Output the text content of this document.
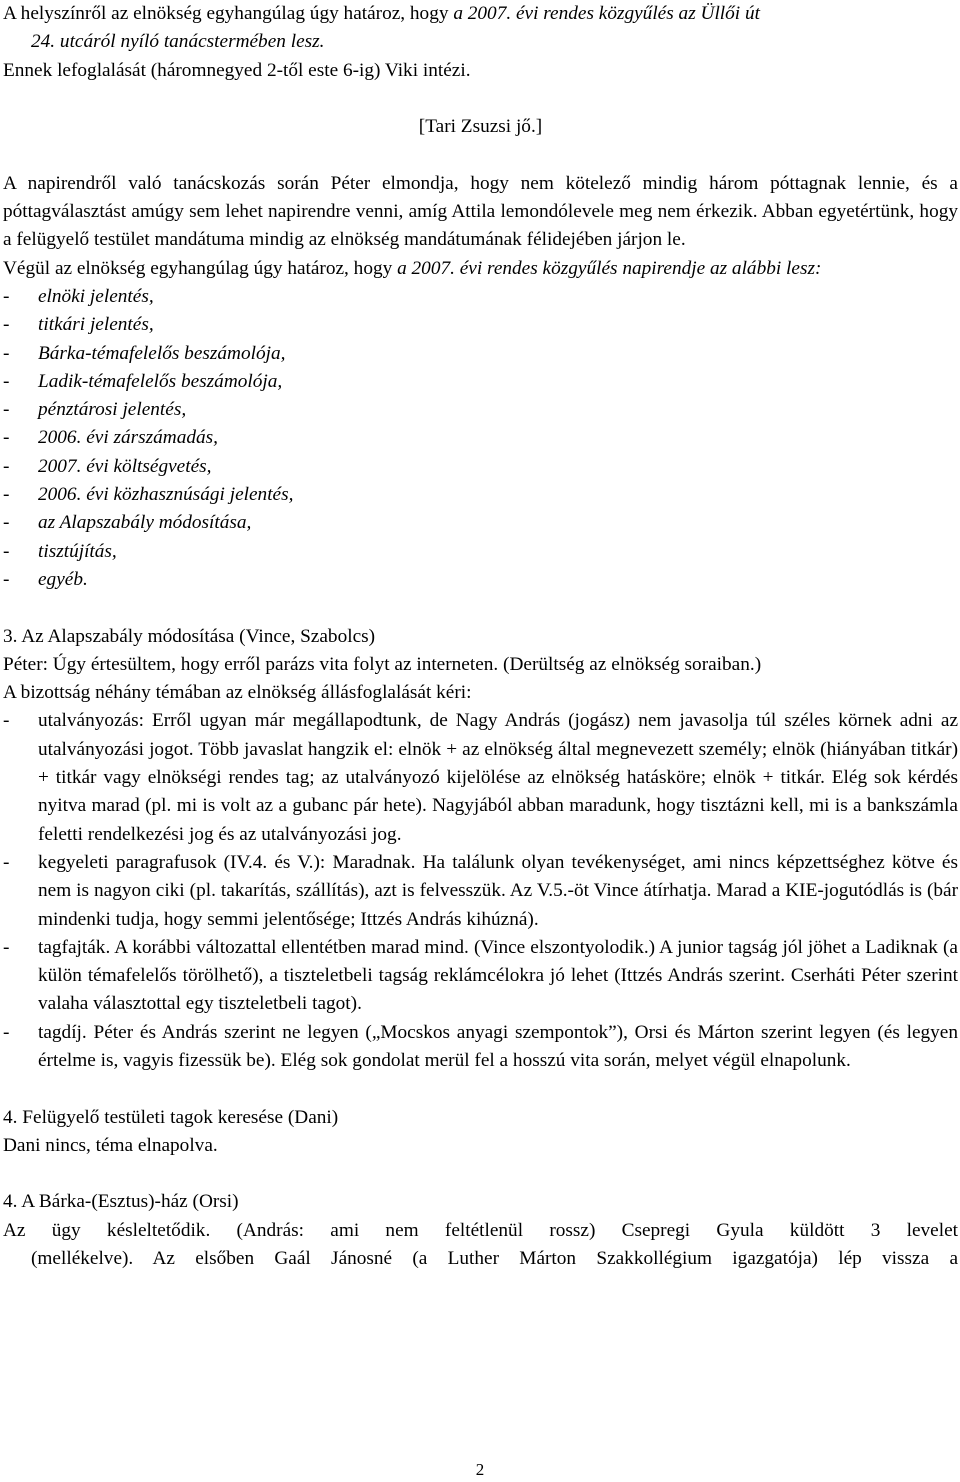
A helyszínről az elnökség egyhangúlag úgy határoz, hogy a 2007. évi rendes közgyűlés az Üllői út
24. utcáról nyíló tanácstermében lesz.
Ennek lefoglalását (háromnegyed 2-től este 6-ig) Viki intézi.
[Tari Zsuzsi jő.]
A napirendről való tanácskozás során Péter elmondja, hogy nem kötelező mindig három póttagnak lennie, és a póttagválasztást amúgy sem lehet napirendre venni, amíg Attila lemondólevele meg nem érkezik. Abban egyetértünk, hogy a felügyelő testület mandátuma mindig az elnökség mandátumának félidejében járjon le.
Végül az elnökség egyhangúlag úgy határoz, hogy a 2007. évi rendes közgyűlés napirendje az alábbi lesz:
-	elnöki jelentés,
-	titkári jelentés,
-	Bárka-témafelelős beszámolója,
-	Ladik-témafelelős beszámolója,
-	pénztárosi jelentés,
-	2006. évi zárszámadás,
-	2007. évi költségvetés,
-	2006. évi közhasznúsági jelentés,
-	az Alapszabály módosítása,
-	tisztújítás,
-	egyéb.
3. Az Alapszabály módosítása (Vince, Szabolcs)
Péter: Úgy értesültem, hogy erről parázs vita folyt az interneten. (Derültség az elnökség soraiban.)
A bizottság néhány témában az elnökség állásfoglalását kéri:
-	utalványozás: Erről ugyan már megállapodtunk, de Nagy András (jogász) nem javasolja túl széles körnek adni az utalványozási jogot. Több javaslat hangzik el: elnök + az elnökség által megnevezett személy; elnök (hiányában titkár) + titkár vagy elnökségi rendes tag; az utalványozó kijelölése az elnökség hatásköre; elnök + titkár. Elég sok kérdés nyitva marad (pl. mi is volt az a gubanc pár hete). Nagyjából abban maradunk, hogy tisztázni kell, mi is a bankszámla feletti rendelkezési jog és az utalványozási jog.
-	kegyeleti paragrafusok (IV.4. és V.): Maradnak. Ha találunk olyan tevékenységet, ami nincs képzettséghez kötve és nem is nagyon ciki (pl. takarítás, szállítás), azt is felvesszük. Az V.5.-öt Vince átírhatja. Marad a KIE-jogutódlás is (bár mindenki tudja, hogy semmi jelentősége; Ittzés András kihúzná).
-	tagfajták. A korábbi változattal ellentétben marad mind. (Vince elszontyolodik.) A junior tagság jól jöhet a Ladiknak (a külön témafelelős törölhető), a tiszteletbeli tagság reklámcélokra jó lehet (Ittzés András szerint. Cserháti Péter szerint valaha választottal egy tiszteletbeli tagot).
-	tagdíj. Péter és András szerint ne legyen („Mocskos anyagi szempontok”), Orsi és Márton szerint legyen (és legyen értelme is, vagyis fizessük be). Elég sok gondolat merül fel a hosszú vita során, melyet végül elnapolunk.
4. Felügyelő testületi tagok keresése (Dani)
Dani nincs, téma elnapolva.
4. A Bárka-(Esztus)-ház (Orsi)
Az ügy késleltetődik. (András: ami nem feltétlenül rossz) Csepregi Gyula küldött 3 levelet
(mellékelve). Az elsőben Gaál Jánosné (a Luther Márton Szakkollégium igazgatója) lép vissza a
2
